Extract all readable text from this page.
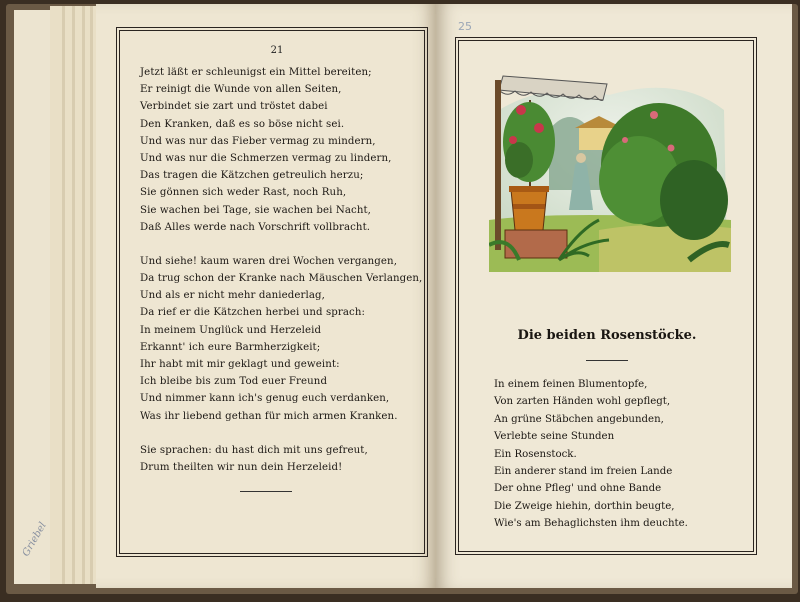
Griebel
21
Jetzt läßt er schleunigst ein Mittel bereiten;
Er reinigt die Wunde von allen Seiten,
Verbindet sie zart und tröstet dabei
Den Kranken, daß es so böse nicht sei.
Und was nur das Fieber vermag zu mindern,
Und was nur die Schmerzen vermag zu lindern,
Das tragen die Kätzchen getreulich herzu;
Sie gönnen sich weder Rast, noch Ruh,
Sie wachen bei Tage, sie wachen bei Nacht,
Daß Alles werde nach Vorschrift vollbracht.
Und siehe! kaum waren drei Wochen vergangen,
Da trug schon der Kranke nach Mäuschen Verlangen,
Und als er nicht mehr daniederlag,
Da rief er die Kätzchen herbei und sprach:
In meinem Unglück und Herzeleid
Erkannt' ich eure Barmherzigkeit;
Ihr habt mit mir geklagt und geweint:
Ich bleibe bis zum Tod euer Freund
Und nimmer kann ich's genug euch verdanken,
Was ihr liebend gethan für mich armen Kranken.
Sie sprachen: du hast dich mit uns gefreut,
Drum theilten wir nun dein Herzeleid!
25
Die beiden Rosenstöcke.
In einem feinen Blumentopfe,
Von zarten Händen wohl gepflegt,
An grüne Stäbchen angebunden,
Verlebte seine Stunden
Ein Rosenstock.
Ein anderer stand im freien Lande
Der ohne Pfleg' und ohne Bande
Die Zweige hiehin, dorthin beugte,
Wie's am Behaglichsten ihm deuchte.
